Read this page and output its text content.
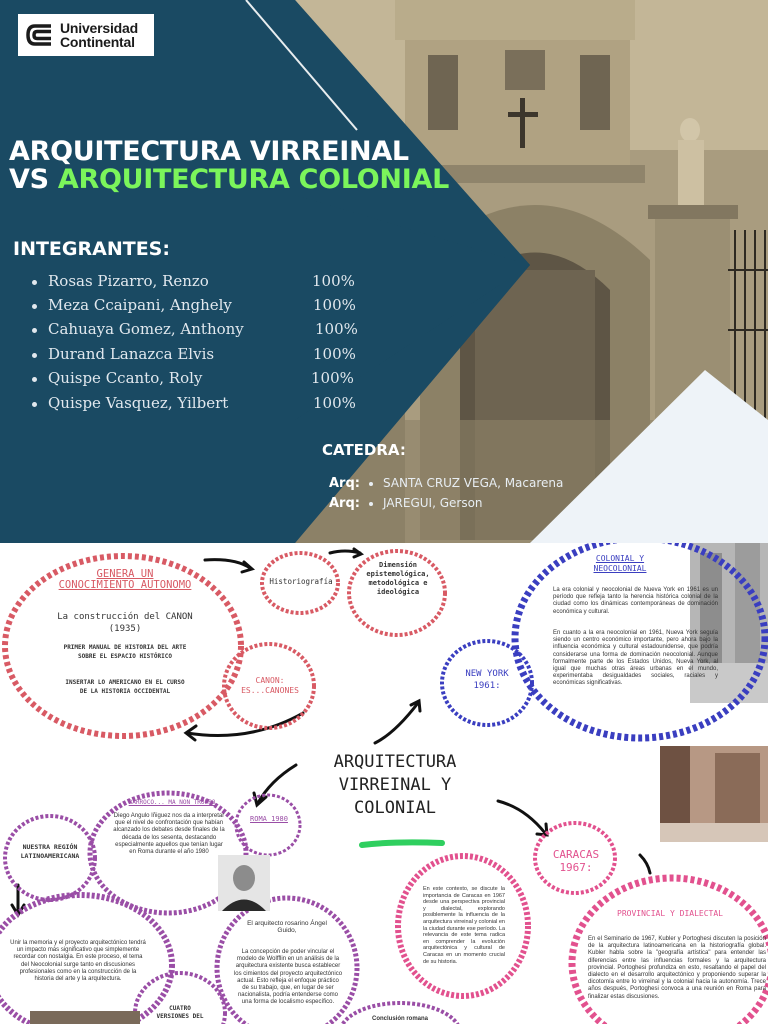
Universidad
Continental
ARQUITECTURA VIRREINAL
VS ARQUITECTURA COLONIAL
INTEGRANTES:
Rosas Pizarro, Renzo	100%
Meza Ccaipani, Anghely	100%
Cahuaya Gomez, Anthony	100%
Durand Lanazca Elvis	100%
Quispe Ccanto, Roly	100%
Quispe Vasquez, Yilbert	100%
CATEDRA:
Arq: SANTA CRUZ VEGA, Macarena
Arq: JAREGUI, Gerson
GENERA UN
CONOCIMIENTO AUTONOMO
La construcción del CANON
(1935)
PRIMER MANUAL DE HISTORIA DEL ARTE
SOBRE EL ESPACIO HISTÓRICO
INSERTAR LO AMERICANO EN EL CURSO
DE LA HISTORIA OCCIDENTAL
Historiografía
Dimensión
epistemológica,
metodológica e
ideológica
CANON:
ES...CANONES
ARQUITECTURA
VIRREINAL Y
COLONIAL
COLONIAL Y
NEOCOLONIAL
La era colonial y neocolonial de Nueva York en 1961 es un período que refleja tanto la herencia histórica colonial de la ciudad como los dinámicas contemporáneas de dominación económica y cultural.
En cuanto a la era neocolonial en 1961, Nueva York seguía siendo un centro económico importante, pero ahora bajo la influencia económica y cultural estadounidense, que podría considerarse una forma de dominación neocolonial. Aunque formalmente parte de los Estados Unidos, Nueva York, al igual que muchas otras áreas urbanas en el mundo, experimentaba desigualdades sociales, raciales y económicas significativas.
NEW YORK
1961:
BARROCO... MA NON TROPPO
Diego Angulo Iñiguez nos da a interpretar que el nivel de confrontación que habían alcanzado los debates desde finales de la década de los sesenta, destacando especialmente aquellos que tenían lugar en Roma durante el año 1980
ROMA 1980
NUESTRA REGIÓN
LATINOAMERICANA
Unir la memoria y el proyecto arquitectónico tendrá un impacto más significativo que simplemente recordar con nostalgia. En este proceso, el tema del Neocolonial surge tanto en discusiones profesionales como en la construcción de la historia del arte y la arquitectura.
El arquitecto rosarino Ángel Guido,
La concepción de poder vincular el modelo de Wolfflin en un análisis de la arquitectura existente busca establecer los cimientos del proyecto arquitectónico actual. Esto refleja el enfoque práctico de su trabajo, que, en lugar de ser nacionalista, podría entenderse como una forma de localismo específico.
CUATRO
VERSIONES DEL	Conclusión romana
CARACAS
1967:
En este contexto, se discute la importancia de Caracas en 1967 desde una perspectiva provincial y dialectal, explorando posiblemente la influencia de la arquitectura virreinal y colonial en la ciudad durante ese período. La relevancia de este tema radica en comprender la evolución arquitectónica y cultural de Caracas en un momento crucial de su historia.
PROVINCIAL Y DIALECTAL
En el Seminario de 1967, Kubler y Portoghesi discuten la posición de la arquitectura latinoamericana en la historiografía global. Kubler habla sobre la "geografía artística" para entender las diferencias entre las influencias formales y la arquitectura provincial. Portoghesi profundiza en esto, resaltando el papel del dialecto en el desarrollo arquitectónico y proponiendo superar la dicotomía entre lo virreinal y la colonial hacia la autonomía. Trece años después, Portoghesi convoca a una reunión en Roma para finalizar estas discusiones.
